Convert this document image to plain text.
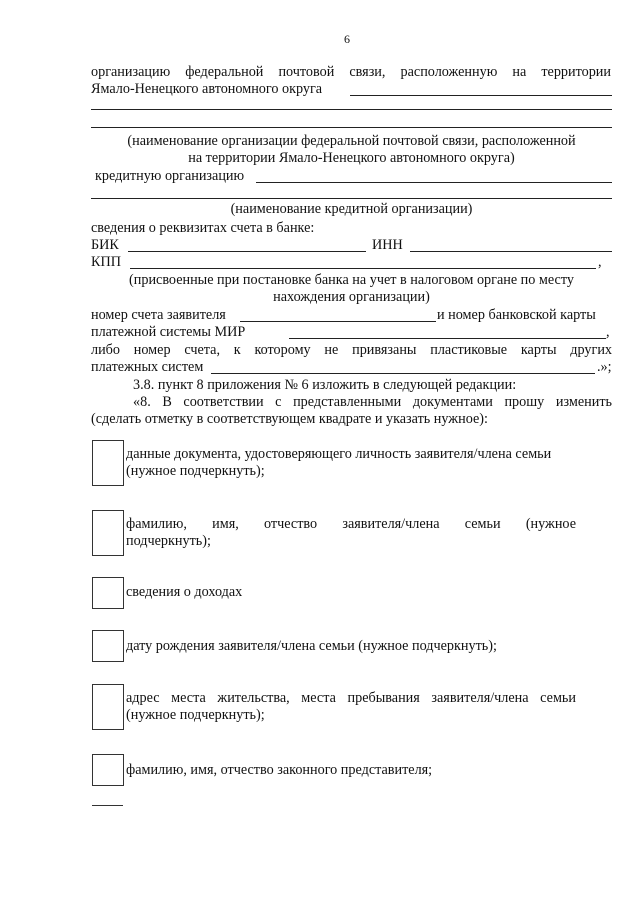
6
организацию федеральной почтовой связи, расположенную на территории
Ямало-Ненецкого автономного округа
(наименование организации федеральной почтовой связи, расположенной
на территории Ямало-Ненецкого автономного округа)
кредитную организацию
(наименование кредитной организации)
сведения о реквизитах счета в банке:
БИК	ИНН
КПП	,
(присвоенные при постановке банка на учет в налоговом органе по месту
нахождения организации)
номер счета заявителя	и номер банковской карты
платежной системы МИР	,
либо номер счета, к которому не привязаны пластиковые карты других
платежных систем	.»;
3.8. пункт 8 приложения № 6 изложить в следующей редакции:
«8. В соответствии с представленными документами прошу изменить
(сделать отметку в соответствующем квадрате и указать нужное):
данные документа, удостоверяющего личность заявителя/члена семьи
(нужное подчеркнуть);
фамилию, имя, отчество заявителя/члена семьи (нужное
подчеркнуть);
сведения о доходах
дату рождения заявителя/члена семьи (нужное подчеркнуть);
адрес места жительства, места пребывания заявителя/члена семьи
(нужное подчеркнуть);
фамилию, имя, отчество законного представителя;
